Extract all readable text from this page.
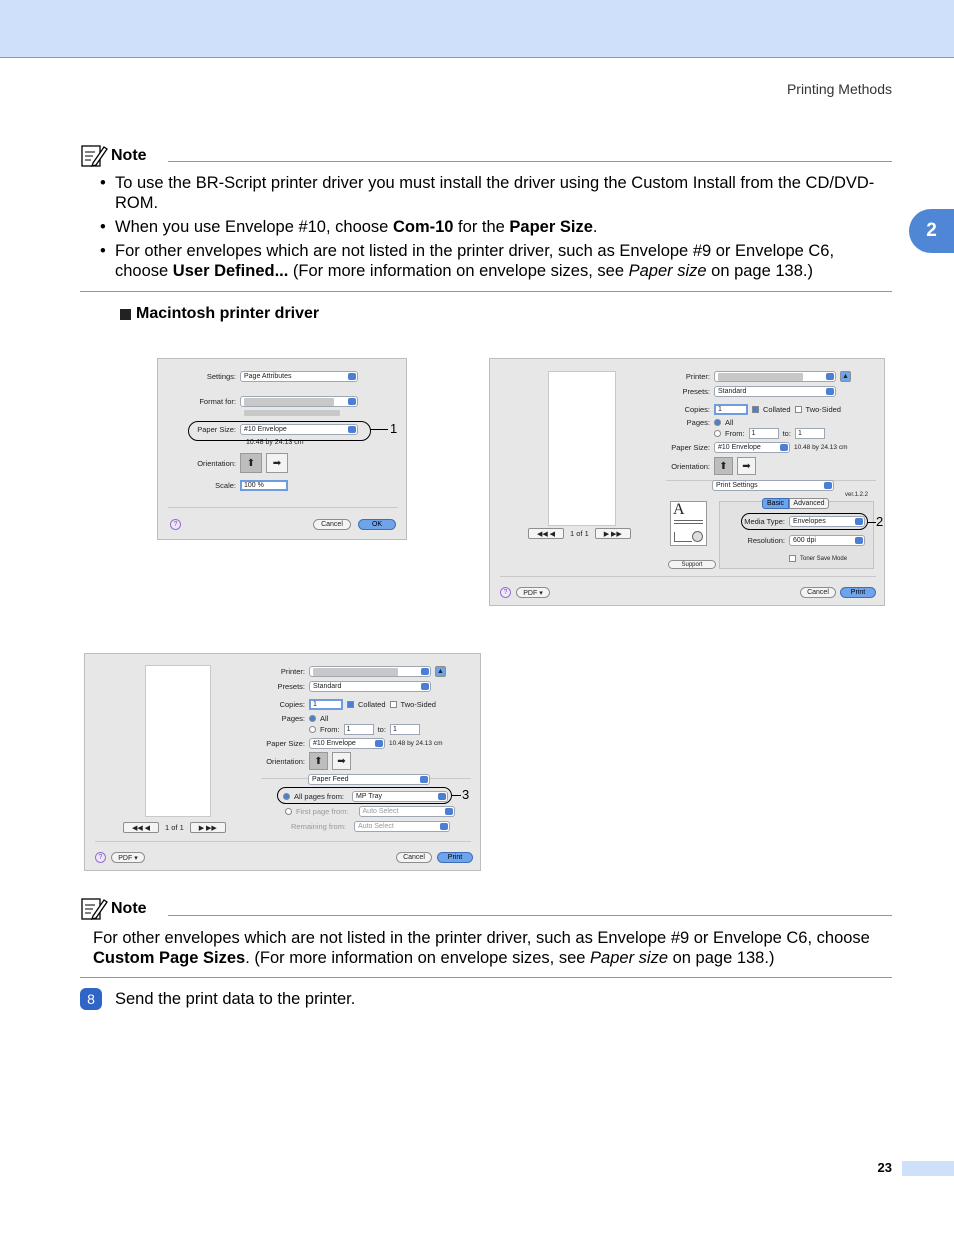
Printing Methods
2
Note
• To use the BR-Script printer driver you must install the driver using the Custom Install from the CD/DVD-ROM.
• When you use Envelope #10, choose Com-10 for the Paper Size.
• For other envelopes which are not listed in the printer driver, such as Envelope #9 or Envelope C6, choose User Defined... (For more information on envelope sizes, see Paper size on page 138.)
Macintosh printer driver
Settings:	Page Attributes
Format for:
Paper Size:	#10 Envelope
10.48 by 24.13 cm
Orientation:	⬆	➡
Scale:	100 %
?	Cancel	OK
1
◀◀ ◀	1 of 1	▶ ▶▶
Printer:	▲
Presets:	Standard
Copies:	1	Collated Two-Sided
Pages: All
From:	1	to:	1
Paper Size:	#10 Envelope	10.48 by 24.13 cm
Orientation: ⬆	➡
Print Settings
ver.1.2.2
A	Basic	Advanced
Media Type:	Envelopes
Resolution:	600 dpi
Toner Save Mode
Support
?	PDF ▾	Cancel	Print
2
◀◀ ◀	1 of 1	▶ ▶▶
Printer:	▲
Presets:	Standard
Copies:	1	Collated Two-Sided
Pages: All
From:	1	to:	1
Paper Size:	#10 Envelope	10.48 by 24.13 cm
Orientation: ⬆	➡
Paper Feed
All pages from:	MP Tray
First page from:	Auto Select
Remaining from:	Auto Select
?	PDF ▾	Cancel	Print
3
Note
For other envelopes which are not listed in the printer driver, such as Envelope #9 or Envelope C6, choose Custom Page Sizes. (For more information on envelope sizes, see Paper size on page 138.)
8	Send the print data to the printer.
23
